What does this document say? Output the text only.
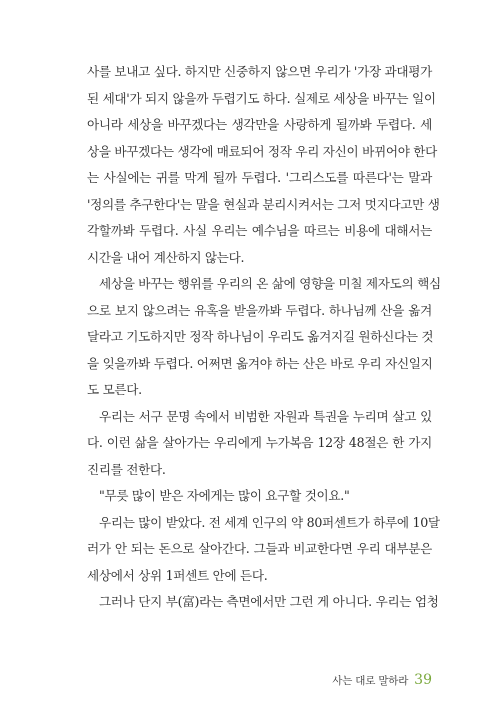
사를 보내고 싶다. 하지만 신중하지 않으면 우리가 '가장 과대평가
된 세대'가 되지 않을까 두렵기도 하다. 실제로 세상을 바꾸는 일이
아니라 세상을 바꾸겠다는 생각만을 사랑하게 될까봐 두렵다. 세
상을 바꾸겠다는 생각에 매료되어 정작 우리 자신이 바뀌어야 한다
는 사실에는 귀를 막게 될까 두렵다. '그리스도를 따른다'는 말과
'정의를 추구한다'는 말을 현실과 분리시켜서는 그저 멋지다고만 생
각할까봐 두렵다. 사실 우리는 예수님을 따르는 비용에 대해서는
시간을 내어 계산하지 않는다.
세상을 바꾸는 행위를 우리의 온 삶에 영향을 미칠 제자도의 핵심
으로 보지 않으려는 유혹을 받을까봐 두렵다. 하나님께 산을 옮겨
달라고 기도하지만 정작 하나님이 우리도 옮겨지길 원하신다는 것
을 잊을까봐 두렵다. 어쩌면 옮겨야 하는 산은 바로 우리 자신일지
도 모른다.
우리는 서구 문명 속에서 비범한 자원과 특권을 누리며 살고 있
다. 이런 삶을 살아가는 우리에게 누가복음 12장 48절은 한 가지
진리를 전한다.
"무릇 많이 받은 자에게는 많이 요구할 것이요."
우리는 많이 받았다. 전 세계 인구의 약 80퍼센트가 하루에 10달
러가 안 되는 돈으로 살아간다. 그들과 비교한다면 우리 대부분은
세상에서 상위 1퍼센트 안에 든다.
그러나 단지 부(富)라는 측면에서만 그런 게 아니다. 우리는 엄청
사는 대로 말하라 39
